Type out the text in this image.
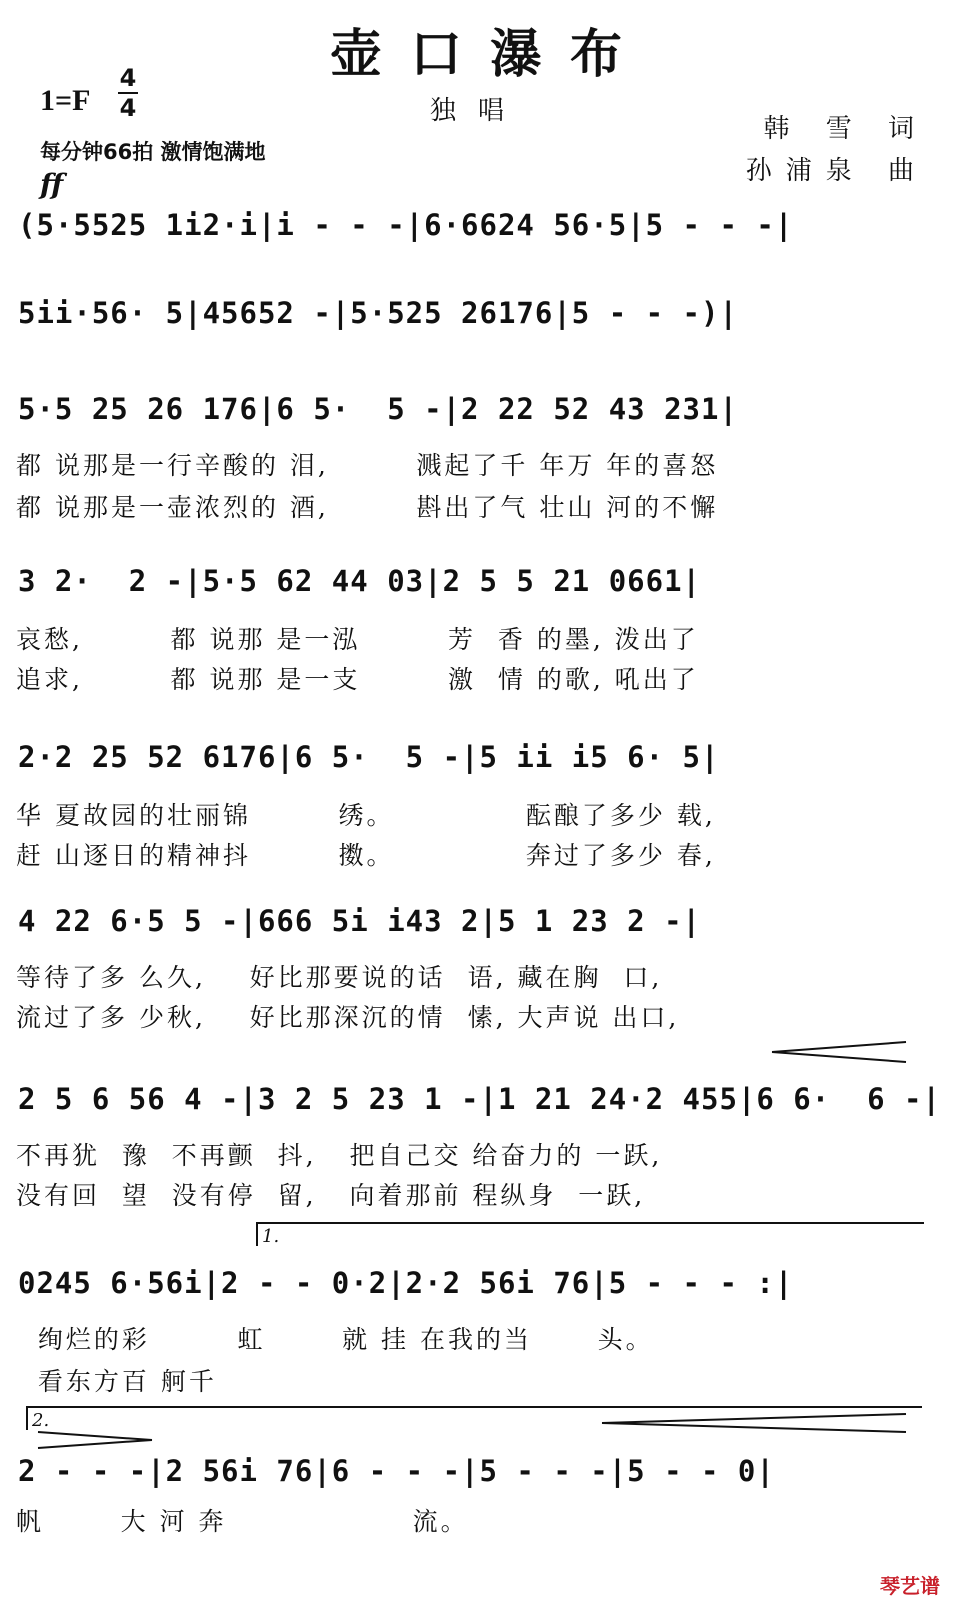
壶口瀑布
1=F
4
4	独唱
每分钟66拍 激情饱满地
韩 雪 词
孙浦泉 曲
ff
(5·5525 1i2·i|i - - -|6·6624 56·5|5 - - -|
5ii·56· 5|45652 -|5·525 26176|5 - - -)|
5·5 25 26 176|6 5·  5 -|2 22 52 43 231|
都 说那是一行辛酸的 泪,        溅起了千 年万 年的喜怒
都 说那是一壶浓烈的 酒,        斟出了气 壮山 河的不懈
3 2·  2 -|5·5 62 44 03|2 5 5 21 0661|
哀愁,        都 说那 是一泓        芳  香 的墨, 泼出了
追求,        都 说那 是一支        激  情 的歌, 吼出了
2·2 25 52 6176|6 5·  5 -|5 ii i5 6· 5|
华 夏故园的壮丽锦        绣。            酝酿了多少 载,
赶 山逐日的精神抖        擞。            奔过了多少 春,
4 22 6·5 5 -|666 5i i43 2|5 1 23 2 -|
等待了多 么久,    好比那要说的话  语, 藏在胸  口,
流过了多 少秋,    好比那深沉的情  愫, 大声说 出口,
2 5 6 56 4 -|3 2 5 23 1 -|1 21 24·2 455|6 6·  6 -|
不再犹  豫  不再颤  抖,   把自己交 给奋力的 一跃,
没有回  望  没有停  留,   向着那前 程纵身  一跃,
1.
0245 6·56i|2 - - 0·2|2·2 56i 76|5 - - - :|
绚烂的彩        虹       就 挂 在我的当      头。
看东方百 舸千
2.
2 - - -|2 56i 76|6 - - -|5 - - -|5 - - 0|
帆       大 河 奔                 流。
琴艺谱
